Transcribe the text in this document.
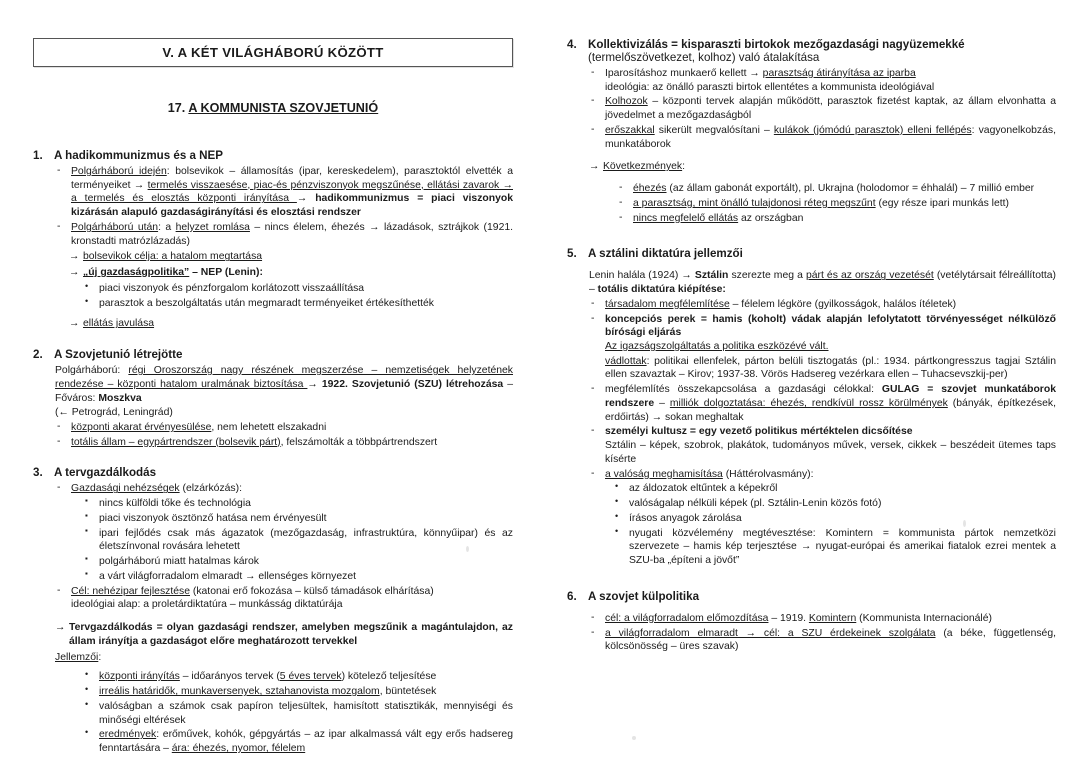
V. A KÉT VILÁGHÁBORÚ KÖZÖTT
17. A KOMMUNISTA SZOVJETUNIÓ
1. A hadikommunizmus és a NEP
- Polgárháború idején: bolsevikok – államosítás (ipar, kereskedelem), parasztoktól elvették a terményeiket → termelés visszaesése, piac-és pénzviszonyok megszűnése, ellátási zavarok → a termelés és elosztás központi irányítása → hadikommunizmus = piaci viszonyok kizárásán alapuló gazdaságirányítási és elosztási rendszer
- Polgárháború után: a helyzet romlása – nincs élelem, éhezés → lázadások, sztrájkok (1921. kronstadti matrózlázadás)
→ bolsevikok célja: a hatalom megtartása
→ „új gazdaságpolitika” – NEP (Lenin):
• piaci viszonyok és pénzforgalom korlátozott visszaállítása
• parasztok a beszolgáltatás után megmaradt terményeiket értékesíthették
→ ellátás javulása
2. A Szovjetunió létrejötte

Polgárháború: régi Oroszország nagy részének megszerzése – nemzetiségek helyzetének rendezése – központi hatalom uralmának biztosítása → 1922. Szovjetunió (SZU) létrehozása – Főváros: Moszkva

(← Petrográd, Leningrád)

- központi akarat érvényesülése, nem lehetett elszakadni
- totális állam – egypártrendszer (bolsevik párt), felszámolták a többpártrendszert
3. A tervgazdálkodás
- Gazdasági nehézségek (elzárkózás):
▪ nincs külföldi tőke és technológia
▪ piaci viszonyok ösztönző hatása nem érvényesült
▪ ipari fejlődés csak más ágazatok (mezőgazdaság, infrastruktúra, könnyűipar) és az életszínvonal rovására lehetett
▪ polgárháború miatt hatalmas károk
▪ a várt világforradalom elmaradt → ellenséges környezet
- Cél: nehézipar fejlesztése (katonai erő fokozása – külső támadások elhárítása)
ideológiai alap: a proletárdiktatúra – munkásság diktatúrája
→ Tervgazdálkodás = olyan gazdasági rendszer, amelyben megszűnik a magántulajdon, az állam irányítja a gazdaságot előre meghatározott tervekkel
Jellemzői:
• központi irányítás – időarányos tervek (5 éves tervek) kötelező teljesítése
• irreális határidők, munkaversenyek, sztahanovista mozgalom, büntetések
• valóságban a számok csak papíron teljesültek, hamisított statisztikák, mennyiségi és minőségi eltérések
• eredmények: erőművek, kohók, gépgyártás – az ipar alkalmassá vált egy erős hadsereg fenntartására – ára: éhezés, nyomor, félelem
4. Kollektivizálás = kisparaszti birtokok mezőgazdasági nagyüzemekké (termelőszövetkezet, kolhoz) való átalakítása
- Iparosításhoz munkaerő kellett → parasztság átirányítása az iparba
ideológia: az önálló paraszti birtok ellentétes a kommunista ideológiával
- Kolhozok – központi tervek alapján működött, parasztok fizetést kaptak, az állam elvonhatta a jövedelmet a mezőgazdaságból
- erőszakkal sikerült megvalósítani – kulákok (jómódú parasztok) elleni fellépés: vagyonelkobzás, munkatáborok
→ Következmények:
- éhezés (az állam gabonát exportált), pl. Ukrajna (holodomor = éhhalál) – 7 millió ember
- a parasztság, mint önálló tulajdonosi réteg megszűnt (egy része ipari munkás lett)
- nincs megfelelő ellátás az országban
5. A sztálini diktatúra jellemzői

Lenin halála (1924) → Sztálin szerezte meg a párt és az ország vezetését (vetélytársait félreállította) – totális diktatúra kiépítése:

- társadalom megfélemlítése – félelem légköre (gyilkosságok, halálos ítéletek)
- koncepciós perek = hamis (koholt) vádak alapján lefolytatott törvényességet nélkülöző bírósági eljárás
Az igazságszolgáltatás a politika eszközévé vált.
vádlottak: politikai ellenfelek, párton belüli tisztogatás (pl.: 1934. pártkongresszus tagjai Sztálin ellen szavaztak – Kirov; 1937-38. Vörös Hadsereg vezérkara ellen – Tuhacsevszkij-per)
- megfélemlítés összekapcsolása a gazdasági célokkal: GULAG = szovjet munkatáborok rendszere – milliók dolgoztatása: éhezés, rendkívül rossz körülmények (bányák, építkezések, erdőirtás) → sokan meghaltak
- személyi kultusz = egy vezető politikus mértéktelen dicsőítése
Sztálin – képek, szobrok, plakátok, tudományos művek, versek, cikkek – beszédeit ütemes taps kísérte
- a valóság meghamisítása (Háttérolvasmány):
• az áldozatok eltűntek a képekről
• valóságalap nélküli képek (pl. Sztálin-Lenin közös fotó)
• írásos anyagok zárolása
• nyugati közvélemény megtévesztése: Komintern = kommunista pártok nemzetközi szervezete – hamis kép terjesztése → nyugat-európai és amerikai fiatalok ezrei mentek a SZU-ba „építeni a jövőt”
6. A szovjet külpolitika
- cél: a világforradalom előmozdítása – 1919. Komintern (Kommunista Internacionálé)
- a világforradalom elmaradt → cél: a SZU érdekeinek szolgálata (a béke, függetlenség, kölcsönösség – üres szavak)
